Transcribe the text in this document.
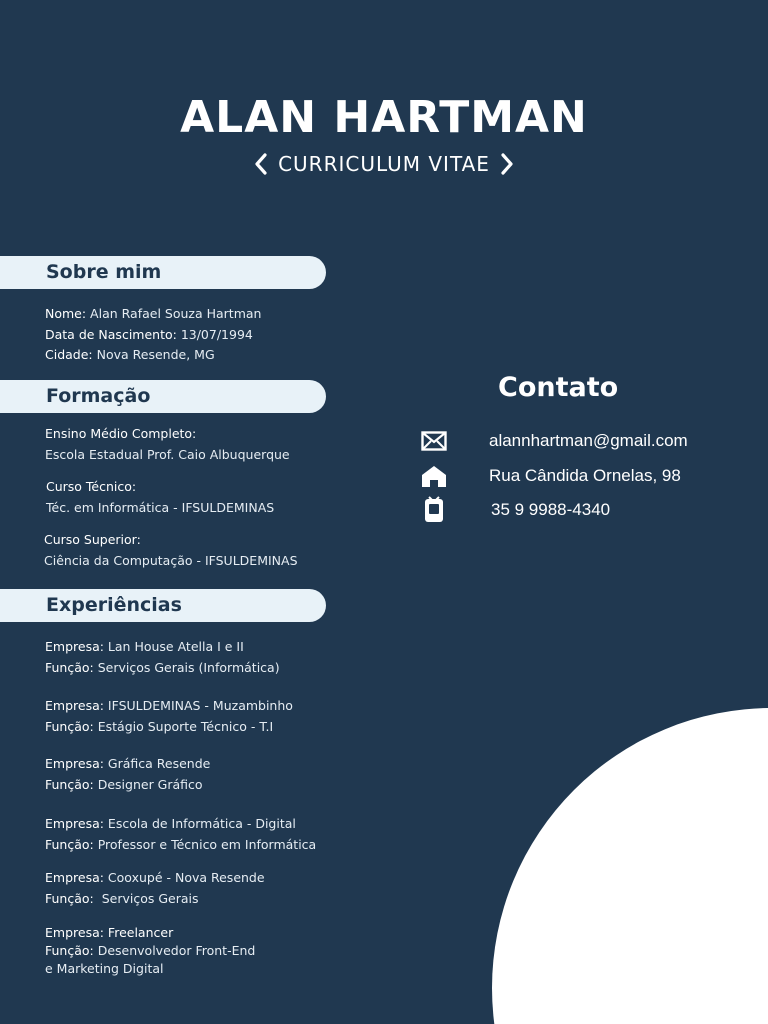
ALAN HARTMAN
CURRICULUM VITAE
Sobre mim
Nome: Alan Rafael Souza Hartman
Data de Nascimento: 13/07/1994
Cidade: Nova Resende, MG
Formação
Ensino Médio Completo:
Escola Estadual Prof. Caio Albuquerque
Curso Técnico:
Téc. em Informática - IFSULDEMINAS
Curso Superior:
Ciência da Computação - IFSULDEMINAS
Experiências
Empresa: Lan House Atella I e II
Função: Serviços Gerais (Informática)
Empresa: IFSULDEMINAS - Muzambinho
Função: Estágio Suporte Técnico - T.I
Empresa: Gráfica Resende
Função: Designer Gráfico
Empresa: Escola de Informática - Digital
Função: Professor e Técnico em Informática
Empresa: Cooxupé - Nova Resende
Função:  Serviços Gerais
Empresa: Freelancer
Função: Desenvolvedor Front-End
e Marketing Digital
Contato
alannhartman@gmail.com
Rua Cândida Ornelas, 98
35 9 9988-4340
